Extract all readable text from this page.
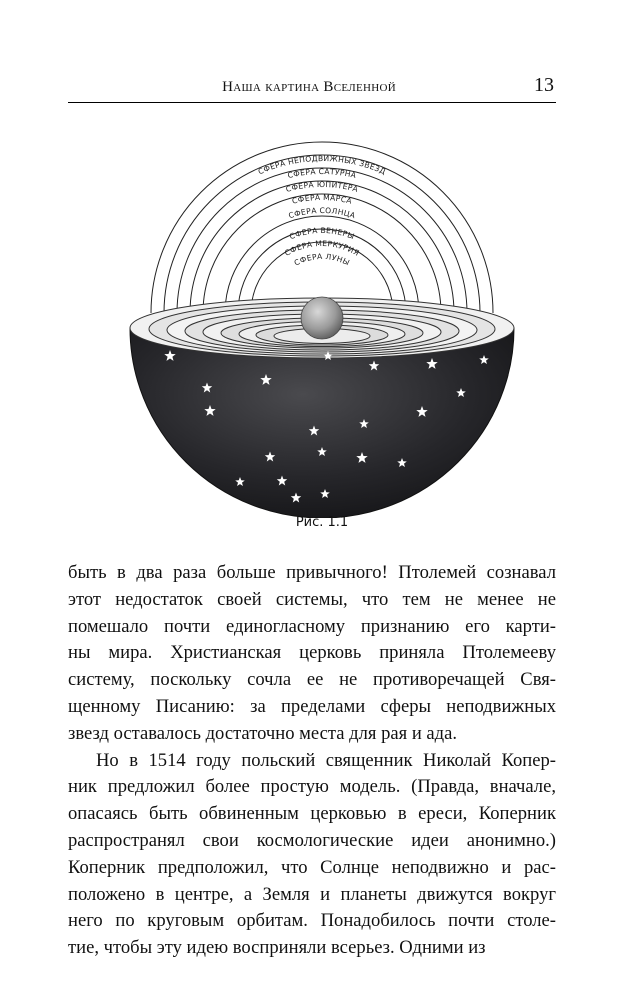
Наша картина Вселенной	13
СФЕРА НЕПОДВИЖНЫХ ЗВЕЗД
СФЕРА САТУРНА
СФЕРА ЮПИТЕРА
СФЕРА МАРСА
СФЕРА СОЛНЦА
СФЕРА ВЕНЕРЫ
СФЕРА МЕРКУРИЯ
СФЕРА ЛУНЫ
Рис. 1.1
быть в два раза больше привычного! Птолемей сознавал
этот недостаток своей системы, что тем не менее не
помешало почти единогласному признанию его карти-
ны мира. Христианская церковь приняла Птолемееву
систему, поскольку сочла ее не противоречащей Свя-
щенному Писанию: за пределами сферы неподвижных
звезд оставалось достаточно места для рая и ада.
Но в 1514 году польский священник Николай Копер-
ник предложил более простую модель. (Правда, вначале,
опасаясь быть обвиненным церковью в ереси, Коперник
распространял свои космологические идеи анонимно.)
Коперник предположил, что Солнце неподвижно и рас-
положено в центре, а Земля и планеты движутся вокруг
него по круговым орбитам. Понадобилось почти столе-
тие, чтобы эту идею восприняли всерьез. Одними из
